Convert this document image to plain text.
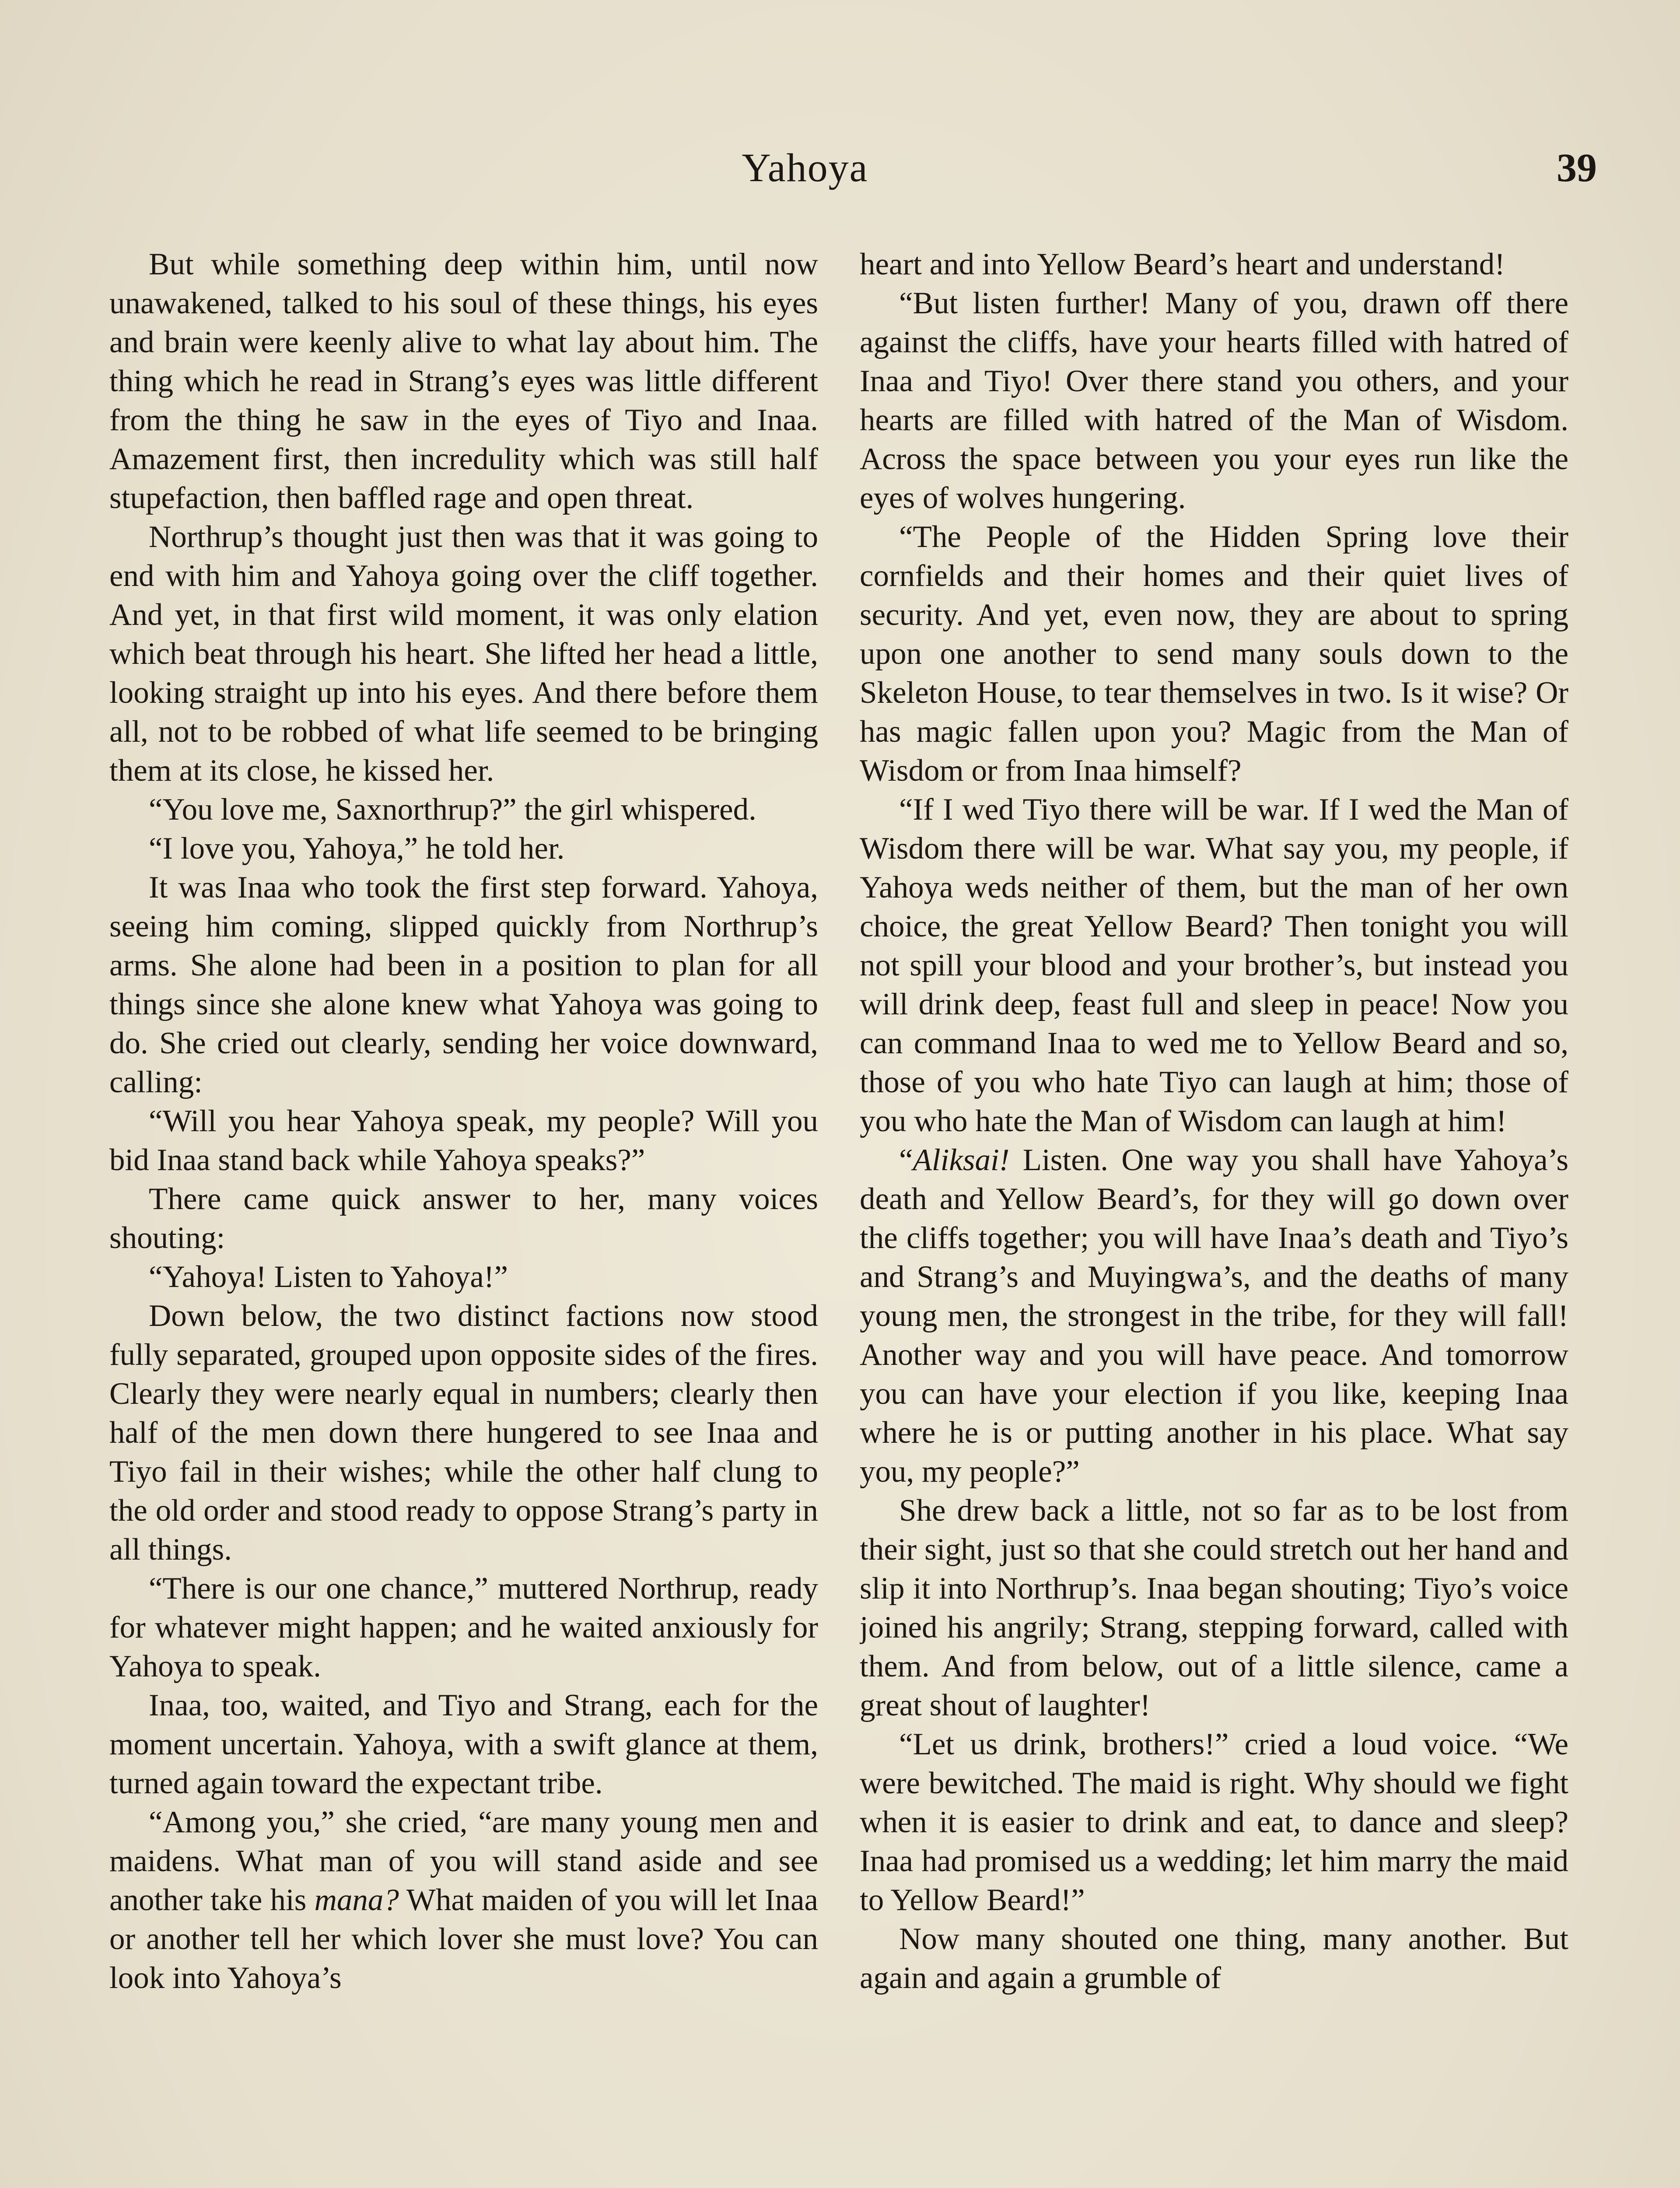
Yahoya	39

But while something deep within him, until now unawakened, talked to his soul of these things, his eyes and brain were keenly alive to what lay about him. The thing which he read in Strang’s eyes was little different from the thing he saw in the eyes of Tiyo and Inaa. Amazement first, then incredulity which was still half stupefaction, then baffled rage and open threat.

Northrup’s thought just then was that it was going to end with him and Yahoya going over the cliff together. And yet, in that first wild moment, it was only elation which beat through his heart. She lifted her head a little, looking straight up into his eyes. And there before them all, not to be robbed of what life seemed to be bringing them at its close, he kissed her.

“You love me, Saxnorthrup?” the girl whispered.

“I love you, Yahoya,” he told her.

It was Inaa who took the first step forward. Yahoya, seeing him coming, slipped quickly from Northrup’s arms. She alone had been in a position to plan for all things since she alone knew what Yahoya was going to do. She cried out clearly, sending her voice downward, calling:

“Will you hear Yahoya speak, my people? Will you bid Inaa stand back while Yahoya speaks?”

There came quick answer to her, many voices shouting:

“Yahoya! Listen to Yahoya!”

Down below, the two distinct factions now stood fully separated, grouped upon opposite sides of the fires. Clearly they were nearly equal in numbers; clearly then half of the men down there hungered to see Inaa and Tiyo fail in their wishes; while the other half clung to the old order and stood ready to oppose Strang’s party in all things.

“There is our one chance,” muttered Northrup, ready for whatever might happen; and he waited anxiously for Yahoya to speak.

Inaa, too, waited, and Tiyo and Strang, each for the moment uncertain. Yahoya, with a swift glance at them, turned again toward the expectant tribe.

“Among you,” she cried, “are many young men and maidens. What man of you will stand aside and see another take his mana? What maiden of you will let Inaa or another tell her which lover she must love? You can look into Yahoya’s

heart and into Yellow Beard’s heart and understand!

“But listen further! Many of you, drawn off there against the cliffs, have your hearts filled with hatred of Inaa and Tiyo! Over there stand you others, and your hearts are filled with hatred of the Man of Wisdom. Across the space between you your eyes run like the eyes of wolves hungering.

“The People of the Hidden Spring love their cornfields and their homes and their quiet lives of security. And yet, even now, they are about to spring upon one another to send many souls down to the Skeleton House, to tear themselves in two. Is it wise? Or has magic fallen upon you? Magic from the Man of Wisdom or from Inaa himself?

“If I wed Tiyo there will be war. If I wed the Man of Wisdom there will be war. What say you, my people, if Yahoya weds neither of them, but the man of her own choice, the great Yellow Beard? Then tonight you will not spill your blood and your brother’s, but instead you will drink deep, feast full and sleep in peace! Now you can command Inaa to wed me to Yellow Beard and so, those of you who hate Tiyo can laugh at him; those of you who hate the Man of Wisdom can laugh at him!

“Aliksai! Listen. One way you shall have Yahoya’s death and Yellow Beard’s, for they will go down over the cliffs together; you will have Inaa’s death and Tiyo’s and Strang’s and Muyingwa’s, and the deaths of many young men, the strongest in the tribe, for they will fall! Another way and you will have peace. And tomorrow you can have your election if you like, keeping Inaa where he is or putting another in his place. What say you, my people?”

She drew back a little, not so far as to be lost from their sight, just so that she could stretch out her hand and slip it into Northrup’s. Inaa began shouting; Tiyo’s voice joined his angrily; Strang, stepping forward, called with them. And from below, out of a little silence, came a great shout of laughter!

“Let us drink, brothers!” cried a loud voice. “We were bewitched. The maid is right. Why should we fight when it is easier to drink and eat, to dance and sleep? Inaa had promised us a wedding; let him marry the maid to Yellow Beard!”

Now many shouted one thing, many another. But again and again a grumble of
